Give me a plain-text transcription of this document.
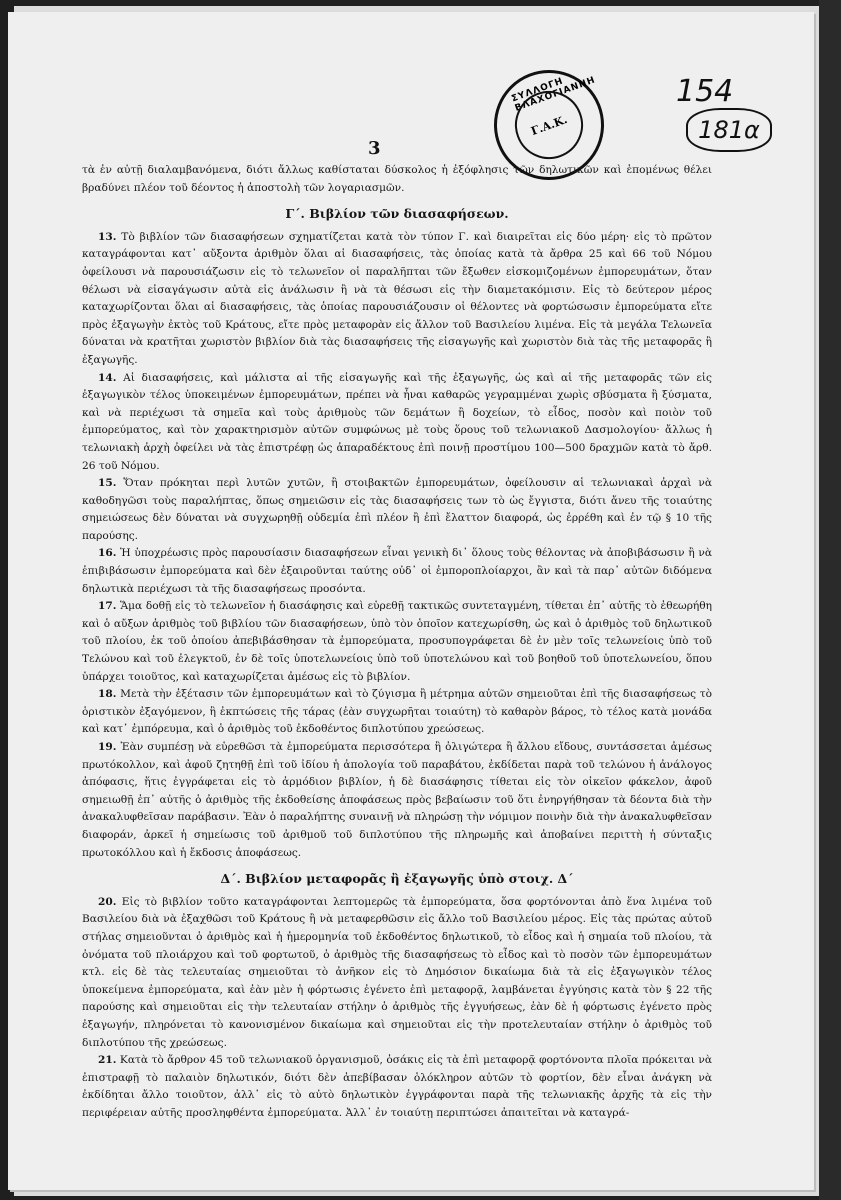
ΣΥΛΛΟΓΗ ΒΛΑΧΟΓΙΑΝΝΗ
Γ.Α.Κ.
154
181α
3

τὰ ἐν αὐτῇ διαλαμβανόμενα, διότι ἄλλως καθίσταται δύσκολος ἡ ἐξόφλησις τῶν δηλωτικῶν καὶ ἑπομένως θέλει βραδύνει πλέον τοῦ δέοντος ἡ ἀποστολὴ τῶν λογαριασμῶν.

Γ΄. Βιβλίον τῶν διασαφήσεων.

13. Τὸ βιβλίον τῶν διασαφήσεων σχηματίζεται κατὰ τὸν τύπον Γ. καὶ διαιρεῖται εἰς δύο μέρη· εἰς τὸ πρῶτον καταγράφονται κατ᾽ αὔξοντα ἀριθμὸν ὅλαι αἱ διασαφήσεις, τὰς ὁποίας κατὰ τὰ ἄρθρα 25 καὶ 66 τοῦ Νόμου ὀφείλουσι νὰ παρουσιάζωσιν εἰς τὸ τελωνεῖον οἱ παραλῆπται τῶν ἔξωθεν εἰσκομιζομένων ἐμπορευμάτων, ὅταν θέλωσι νὰ εἰσαγάγωσιν αὐτὰ εἰς ἀνάλωσιν ἢ νὰ τὰ θέσωσι εἰς τὴν διαμετακόμισιν. Εἰς τὸ δεύτερον μέρος καταχωρίζονται ὅλαι αἱ διασαφήσεις, τὰς ὁποίας παρουσιάζουσιν οἱ θέλοντες νὰ φορτώσωσιν ἐμπορεύματα εἴτε πρὸς ἐξαγωγὴν ἐκτὸς τοῦ Κράτους, εἴτε πρὸς μεταφορὰν εἰς ἄλλον τοῦ Βασιλείου λιμένα. Εἰς τὰ μεγάλα Τελωνεῖα δύναται νὰ κρατῆται χωριστὸν βιβλίον διὰ τὰς διασαφήσεις τῆς εἰσαγωγῆς καὶ χωριστὸν διὰ τὰς τῆς μεταφορᾶς ἢ ἐξαγωγῆς.

14. Αἱ διασαφήσεις, καὶ μάλιστα αἱ τῆς εἰσαγωγῆς καὶ τῆς ἐξαγωγῆς, ὡς καὶ αἱ τῆς μεταφορᾶς τῶν εἰς ἐξαγωγικὸν τέλος ὑποκειμένων ἐμπορευμάτων, πρέπει νὰ ἦναι καθαρῶς γεγραμμέναι χωρὶς σβύσματα ἢ ξύσματα, καὶ νὰ περιέχωσι τὰ σημεῖα καὶ τοὺς ἀριθμοὺς τῶν δεμάτων ἢ δοχείων, τὸ εἶδος, ποσὸν καὶ ποιὸν τοῦ ἐμπορεύματος, καὶ τὸν χαρακτηρισμὸν αὐτῶν συμφώνως μὲ τοὺς ὅρους τοῦ τελωνιακοῦ Δασμολογίου· ἄλλως ἡ τελωνιακὴ ἀρχὴ ὀφείλει νὰ τὰς ἐπιστρέφῃ ὡς ἀπαραδέκτους ἐπὶ ποινῇ προστίμου 100—500 δραχμῶν κατὰ τὸ ἄρθ. 26 τοῦ Νόμου.

15. Ὅταν πρόκηται περὶ λυτῶν χυτῶν, ἢ στοιβακτῶν ἐμπορευμάτων, ὀφείλουσιν αἱ τελωνιακαὶ ἀρχαὶ νὰ καθοδηγῶσι τοὺς παραλήπτας, ὅπως σημειῶσιν εἰς τὰς διασαφήσεις των τὸ ὡς ἔγγιστα, διότι ἄνευ τῆς τοιαύτης σημειώσεως δὲν δύναται νὰ συγχωρηθῇ οὐδεμία ἐπὶ πλέον ἢ ἐπὶ ἔλαττον διαφορά, ὡς ἐρρέθη καὶ ἐν τῷ § 10 τῆς παρούσης.

16. Ἡ ὑποχρέωσις πρὸς παρουσίασιν διασαφήσεων εἶναι γενικὴ δι᾽ ὅλους τοὺς θέλοντας νὰ ἀποβιβάσωσιν ἢ νὰ ἐπιβιβάσωσιν ἐμπορεύματα καὶ δὲν ἐξαιροῦνται ταύτης οὐδ᾽ οἱ ἐμποροπλοίαρχοι, ἂν καὶ τὰ παρ᾽ αὐτῶν διδόμενα δηλωτικὰ περιέχωσι τὰ τῆς διασαφήσεως προσόντα.

17. Ἅμα δοθῇ εἰς τὸ τελωνεῖον ἡ διασάφησις καὶ εὑρεθῇ τακτικῶς συντεταγμένη, τίθεται ἐπ᾽ αὐτῆς τὸ ἐθεωρήθη καὶ ὁ αὔξων ἀριθμὸς τοῦ βιβλίου τῶν διασαφήσεων, ὑπὸ τὸν ὁποῖον κατεχωρίσθη, ὡς καὶ ὁ ἀριθμὸς τοῦ δηλωτικοῦ τοῦ πλοίου, ἐκ τοῦ ὁποίου ἀπεβιβάσθησαν τὰ ἐμπορεύματα, προσυπογράφεται δὲ ἐν μὲν τοῖς τελωνείοις ὑπὸ τοῦ Τελώνου καὶ τοῦ ἐλεγκτοῦ, ἐν δὲ τοῖς ὑποτελωνείοις ὑπὸ τοῦ ὑποτελώνου καὶ τοῦ βοηθοῦ τοῦ ὑποτελωνείου, ὅπου ὑπάρχει τοιοῦτος, καὶ καταχωρίζεται ἀμέσως εἰς τὸ βιβλίον.

18. Μετὰ τὴν ἐξέτασιν τῶν ἐμπορευμάτων καὶ τὸ ζύγισμα ἢ μέτρημα αὐτῶν σημειοῦται ἐπὶ τῆς διασαφήσεως τὸ ὁριστικὸν ἐξαγόμενον, ἢ ἐκπτώσεις τῆς τάρας (ἐὰν συγχωρῆται τοιαύτη) τὸ καθαρὸν βάρος, τὸ τέλος κατὰ μονάδα καὶ κατ᾽ ἐμπόρευμα, καὶ ὁ ἀριθμὸς τοῦ ἐκδοθέντος διπλοτύπου χρεώσεως.

19. Ἐὰν συμπέσῃ νὰ εὑρεθῶσι τὰ ἐμπορεύματα περισσότερα ἢ ὀλιγώτερα ἢ ἄλλου εἴδους, συντάσσεται ἀμέσως πρωτόκολλον, καὶ ἀφοῦ ζητηθῇ ἐπὶ τοῦ ἰδίου ἡ ἀπολογία τοῦ παραβάτου, ἐκδίδεται παρὰ τοῦ τελώνου ἡ ἀνάλογος ἀπόφασις, ἥτις ἐγγράφεται εἰς τὸ ἁρμόδιον βιβλίον, ἡ δὲ διασάφησις τίθεται εἰς τὸν οἰκεῖον φάκελον, ἀφοῦ σημειωθῇ ἐπ᾽ αὐτῆς ὁ ἀριθμὸς τῆς ἐκδοθείσης ἀποφάσεως πρὸς βεβαίωσιν τοῦ ὅτι ἐνηργήθησαν τὰ δέοντα διὰ τὴν ἀνακαλυφθεῖσαν παράβασιν. Ἐὰν ὁ παραλήπτης συναινῇ νὰ πληρώσῃ τὴν νόμιμον ποινὴν διὰ τὴν ἀνακαλυφθεῖσαν διαφοράν, ἀρκεῖ ἡ σημείωσις τοῦ ἀριθμοῦ τοῦ διπλοτύπου τῆς πληρωμῆς καὶ ἀποβαίνει περιττὴ ἡ σύνταξις πρωτοκόλλου καὶ ἡ ἔκδοσις ἀποφάσεως.

Δ΄. Βιβλίον μεταφορᾶς ἢ ἐξαγωγῆς ὑπὸ στοιχ. Δ΄

20. Εἰς τὸ βιβλίον τοῦτο καταγράφονται λεπτομερῶς τὰ ἐμπορεύματα, ὅσα φορτόνονται ἀπὸ ἕνα λιμένα τοῦ Βασιλείου διὰ νὰ ἐξαχθῶσι τοῦ Κράτους ἢ νὰ μεταφερθῶσιν εἰς ἄλλο τοῦ Βασιλείου μέρος. Εἰς τὰς πρώτας αὐτοῦ στήλας σημειοῦνται ὁ ἀριθμὸς καὶ ἡ ἡμερομηνία τοῦ ἐκδοθέντος δηλωτικοῦ, τὸ εἶδος καὶ ἡ σημαία τοῦ πλοίου, τὰ ὀνόματα τοῦ πλοιάρχου καὶ τοῦ φορτωτοῦ, ὁ ἀριθμὸς τῆς διασαφήσεως τὸ εἶδος καὶ τὸ ποσὸν τῶν ἐμπορευμάτων κτλ. εἰς δὲ τὰς τελευταίας σημειοῦται τὸ ἀνῆκον εἰς τὸ Δημόσιον δικαίωμα διὰ τὰ εἰς ἐξαγωγικὸν τέλος ὑποκείμενα ἐμπορεύματα, καὶ ἐὰν μὲν ἡ φόρτωσις ἐγένετο ἐπὶ μεταφορᾷ, λαμβάνεται ἐγγύησις κατὰ τὸν § 22 τῆς παρούσης καὶ σημειοῦται εἰς τὴν τελευταίαν στήλην ὁ ἀριθμὸς τῆς ἐγγυήσεως, ἐὰν δὲ ἡ φόρτωσις ἐγένετο πρὸς ἐξαγωγήν, πληρόνεται τὸ κανονισμένον δικαίωμα καὶ σημειοῦται εἰς τὴν προτελευταίαν στήλην ὁ ἀριθμὸς τοῦ διπλοτύπου τῆς χρεώσεως.

21. Κατὰ τὸ ἄρθρον 45 τοῦ τελωνιακοῦ ὀργανισμοῦ, ὁσάκις εἰς τὰ ἐπὶ μεταφορᾷ φορτόνοντα πλοῖα πρόκειται νὰ ἐπιστραφῇ τὸ παλαιὸν δηλωτικόν, διότι δὲν ἀπεβίβασαν ὁλόκληρον αὐτῶν τὸ φορτίον, δὲν εἶναι ἀνάγκη νὰ ἐκδίδηται ἄλλο τοιοῦτον, ἀλλ᾽ εἰς τὸ αὐτὸ δηλωτικὸν ἐγγράφονται παρὰ τῆς τελωνιακῆς ἀρχῆς τὰ εἰς τὴν περιφέρειαν αὐτῆς προσληφθέντα ἐμπορεύματα. Ἀλλ᾽ ἐν τοιαύτῃ περιπτώσει ἀπαιτεῖται νὰ καταγρά-
